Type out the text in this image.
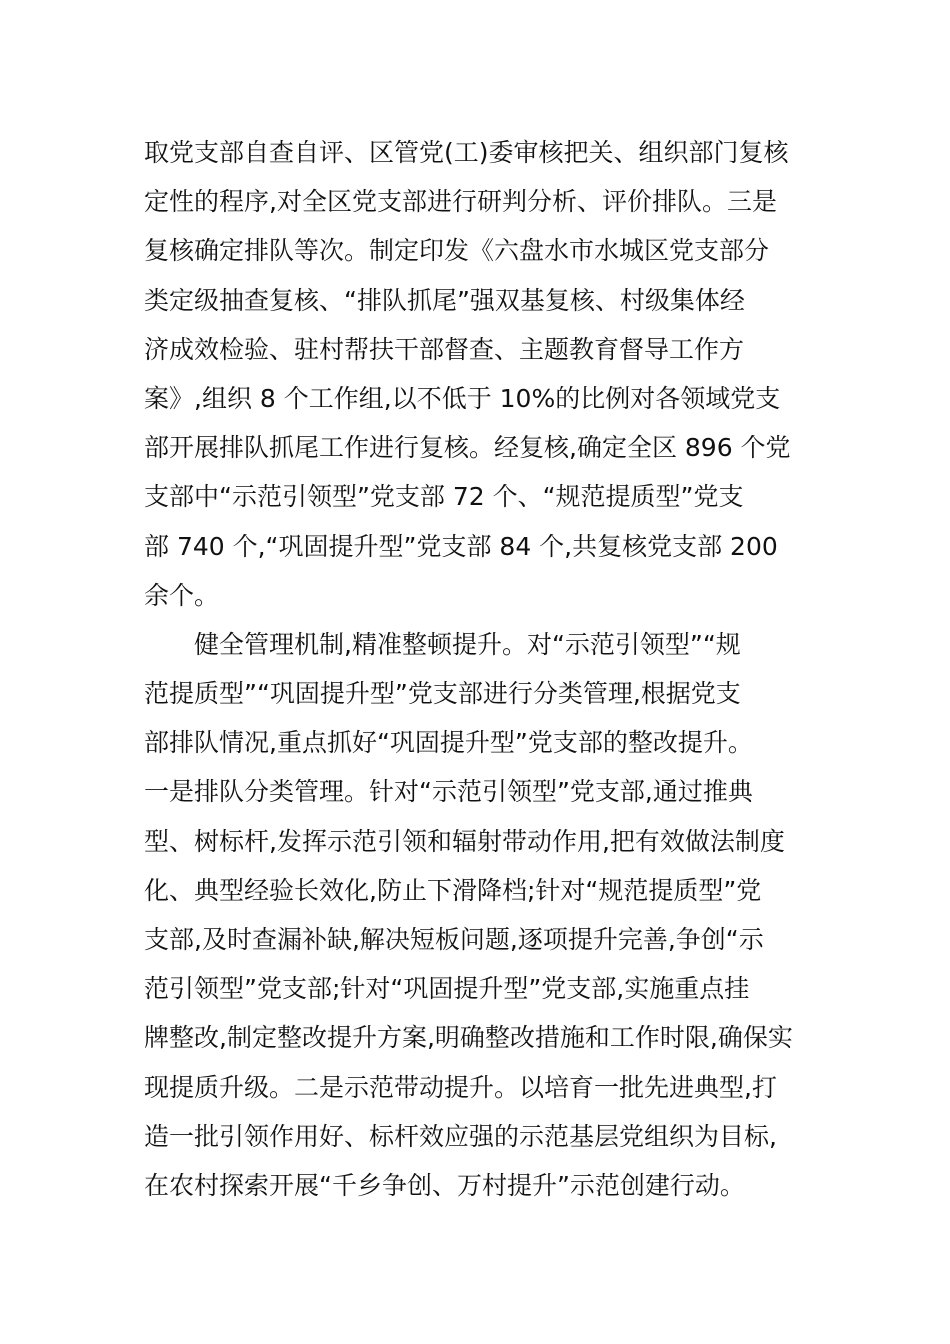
取党支部自查自评、区管党(工)委审核把关、组织部门复核
定性的程序,对全区党支部进行研判分析、评价排队。三是
复核确定排队等次。制定印发《六盘水市水城区党支部分
类定级抽查复核、“排队抓尾”强双基复核、村级集体经
济成效检验、驻村帮扶干部督查、主题教育督导工作方
案》,组织 8 个工作组,以不低于 10%的比例对各领域党支
部开展排队抓尾工作进行复核。经复核,确定全区 896 个党
支部中“示范引领型”党支部 72 个、“规范提质型”党支
部 740 个,“巩固提升型”党支部 84 个,共复核党支部 200
余个。
健全管理机制,精准整顿提升。对“示范引领型”“规
范提质型”“巩固提升型”党支部进行分类管理,根据党支
部排队情况,重点抓好“巩固提升型”党支部的整改提升。
一是排队分类管理。针对“示范引领型”党支部,通过推典
型、树标杆,发挥示范引领和辐射带动作用,把有效做法制度
化、典型经验长效化,防止下滑降档;针对“规范提质型”党
支部,及时查漏补缺,解决短板问题,逐项提升完善,争创“示
范引领型”党支部;针对“巩固提升型”党支部,实施重点挂
牌整改,制定整改提升方案,明确整改措施和工作时限,确保实
现提质升级。二是示范带动提升。以培育一批先进典型,打
造一批引领作用好、标杆效应强的示范基层党组织为目标,
在农村探索开展“千乡争创、万村提升”示范创建行动。
